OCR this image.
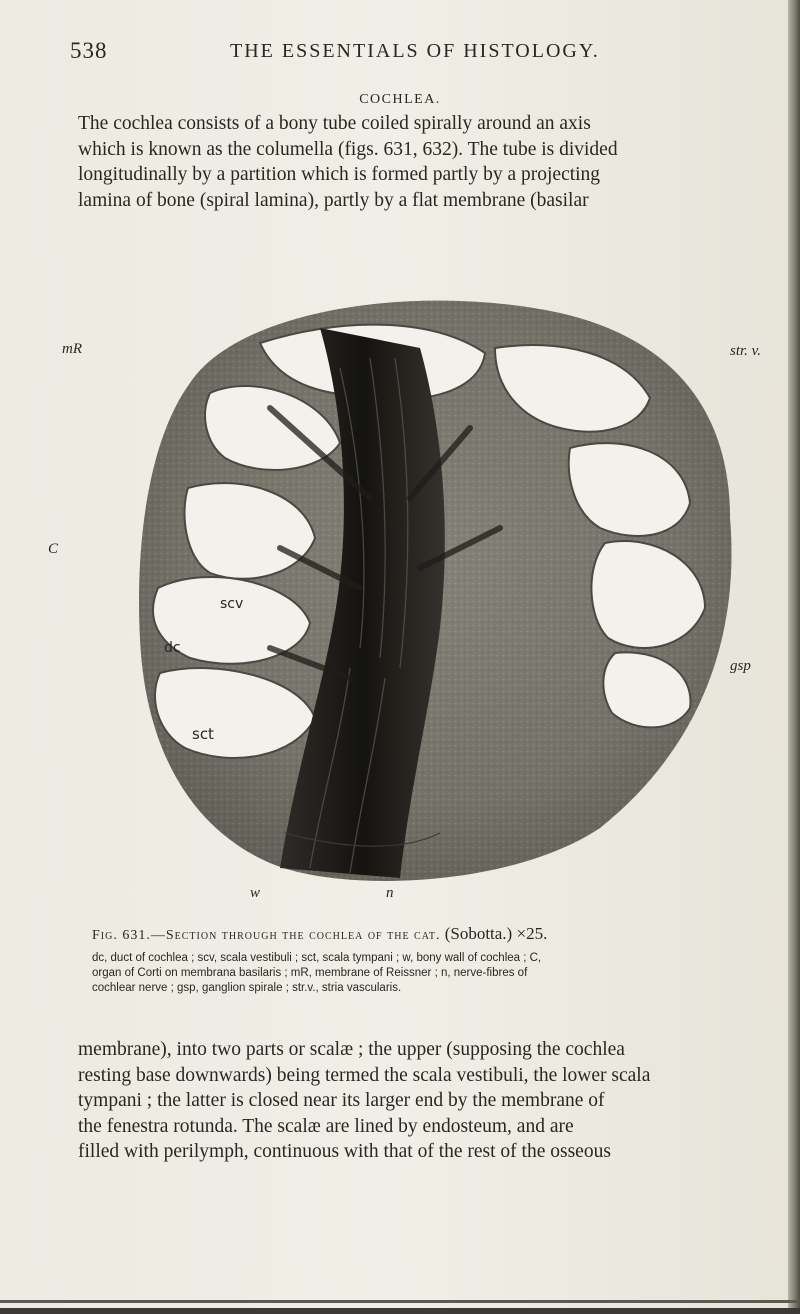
538	THE ESSENTIALS OF HISTOLOGY.
COCHLEA.
The cochlea consists of a bony tube coiled spirally around an axis
which is known as the columella (figs. 631, 632). The tube is divided
longitudinally by a partition which is formed partly by a projecting
lamina of bone (spiral lamina), partly by a flat membrane (basilar
mR
C
str. v.
scv
dc
sct
gsp
w	n
Fig. 631.—Section through the cochlea of the cat. (Sobotta.) ×25.
dc, duct of cochlea ; scv, scala vestibuli ; sct, scala tympani ; w, bony wall of cochlea ; C,
organ of Corti on membrana basilaris ; mR, membrane of Reissner ; n, nerve-fibres of
cochlear nerve ; gsp, ganglion spirale ; str.v., stria vascularis.
membrane), into two parts or scalæ ; the upper (supposing the cochlea
resting base downwards) being termed the scala vestibuli, the lower scala
tympani ; the latter is closed near its larger end by the membrane of
the fenestra rotunda. The scalæ are lined by endosteum, and are
filled with perilymph, continuous with that of the rest of the osseous
